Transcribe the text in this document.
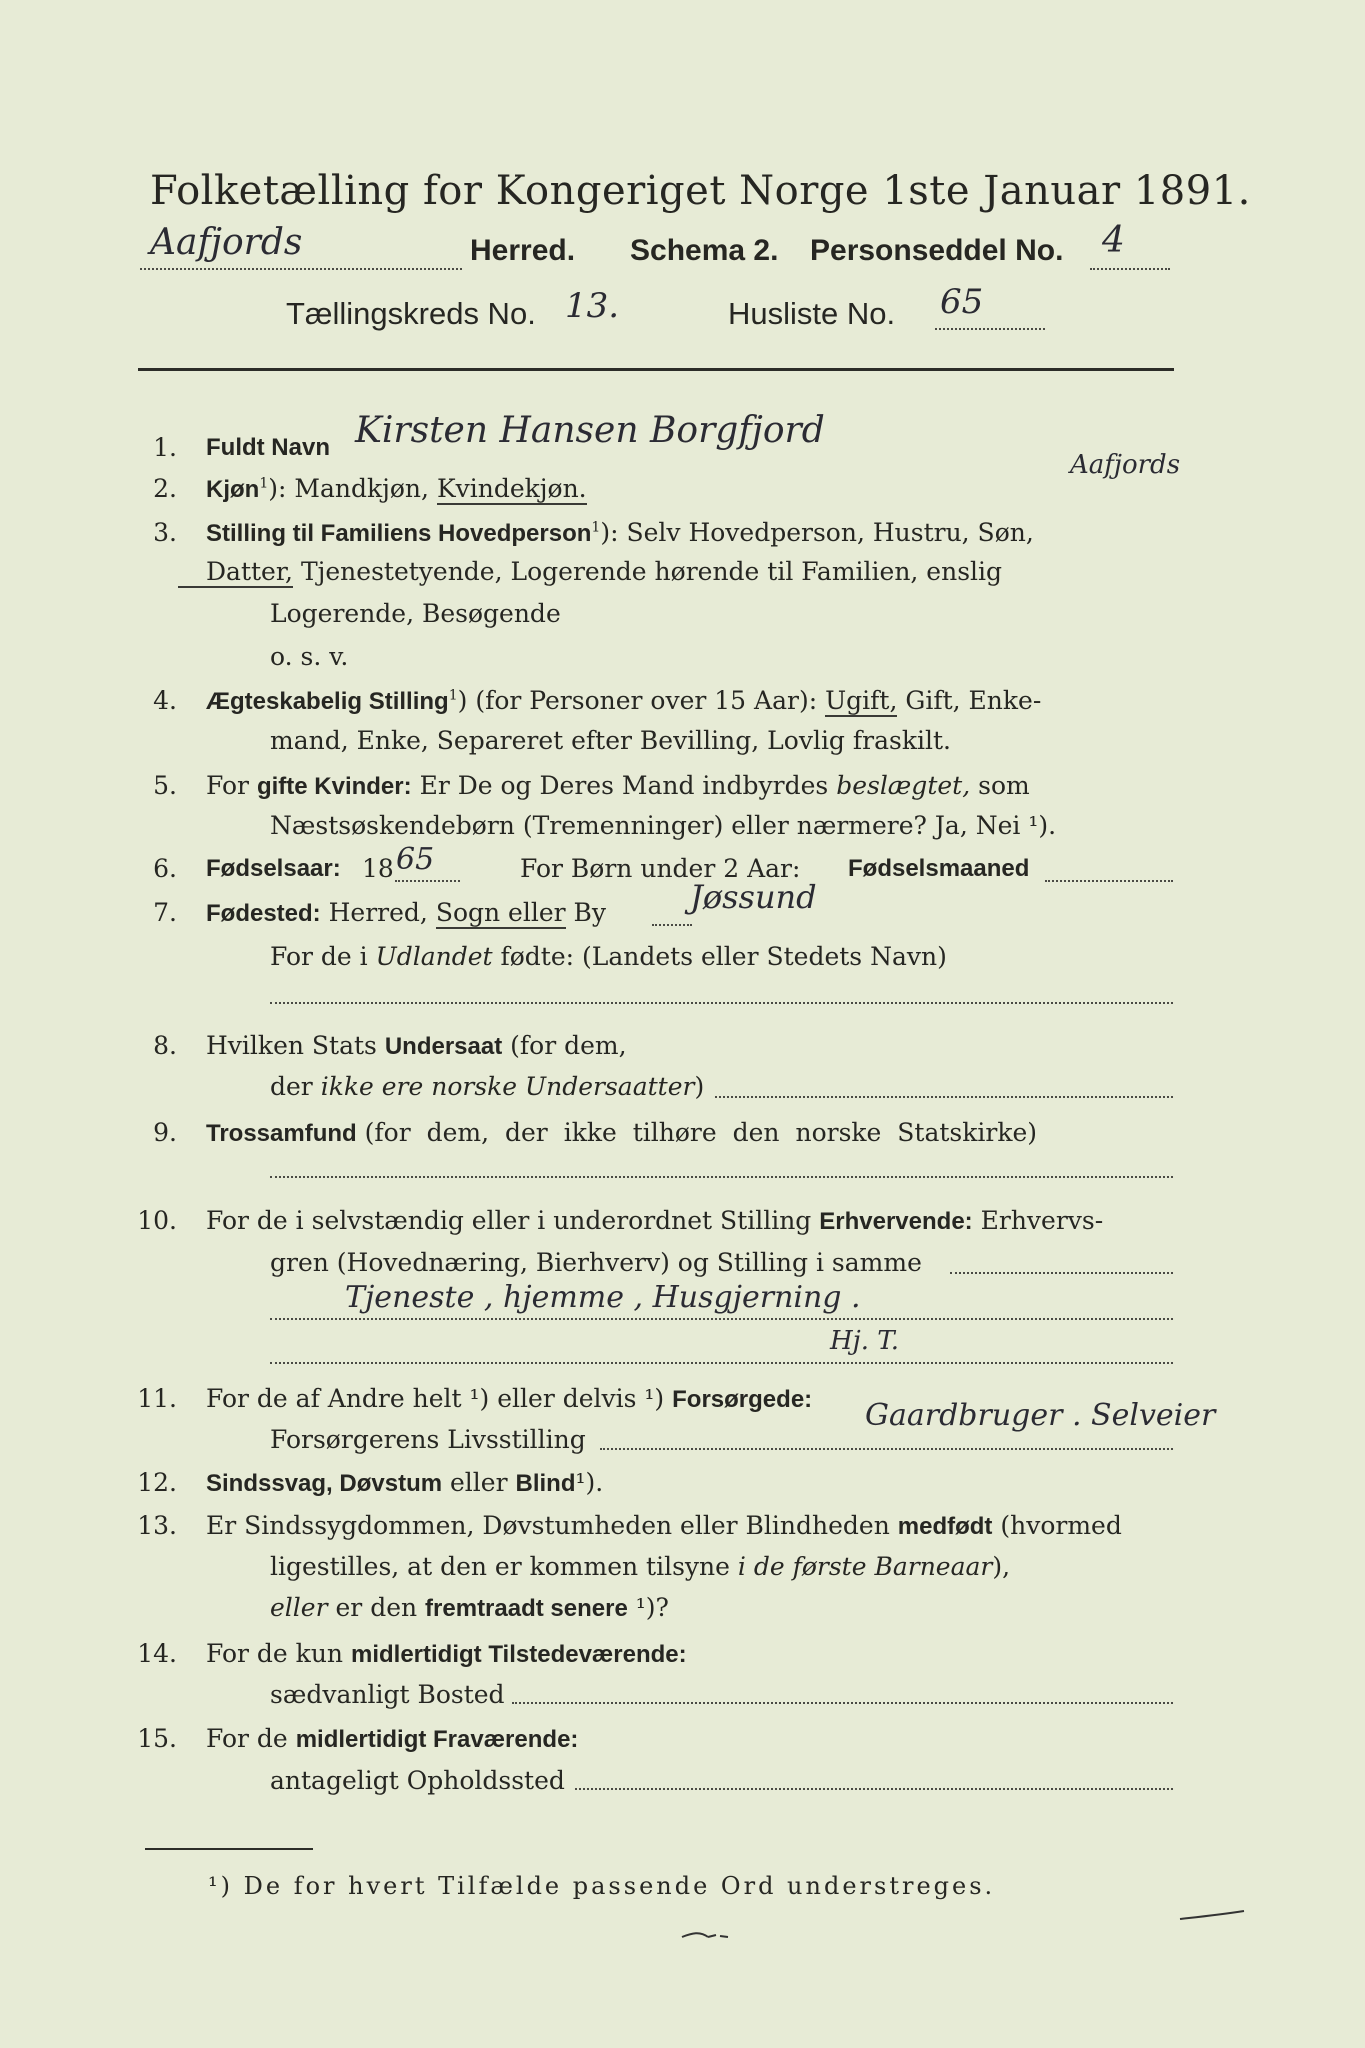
Folketælling for Kongeriget Norge 1ste Januar 1891.
Aafjords	Herred. Schema 2. Personseddel No. 4
Tællingskreds No. 13.	Husliste No. 65
1. Fuldt Navn Kirsten Hansen Borgfjord
Aafjords
2. Kjøn$^1$): Mandkjøn, Kvindekjøn.
3. Stilling til Familiens Hovedperson$^1$): Selv Hovedperson, Hustru, Søn,
Datter, Tjenestetyende, Logerende hørende til Familien, enslig
Logerende, Besøgende
o. s. v.
4. Ægteskabelig Stilling$^1$) (for Personer over 15 Aar): Ugift, Gift, Enke-
mand, Enke, Separeret efter Bevilling, Lovlig fraskilt.
5. For gifte Kvinder: Er De og Deres Mand indbyrdes beslægtet, som
Næstsøskendebørn (Tremenninger) eller nærmere? Ja, Nei ¹).
6. Fødselsaar: 18 65	For Børn under 2 Aar: Fødselsmaaned
7. Fødested: Herred, Sogn eller By	Jøssund
For de i Udlandet fødte: (Landets eller Stedets Navn)
8. Hvilken Stats Undersaat (for dem,
der ikke ere norske Undersaatter)
9. Trossamfund (for dem, der ikke tilhøre den norske Statskirke)
10. For de i selvstændig eller i underordnet Stilling Erhvervende: Erhvervs-
gren (Hovednæring, Bierhverv) og Stilling i samme
Tjeneste , hjemme , Husgjerning .
Hj. T.
11. For de af Andre helt ¹) eller delvis ¹) Forsørgede:
Forsørgerens Livsstilling
Gaardbruger . Selveier
12. Sindssvag, Døvstum eller Blind¹).
13. Er Sindssygdommen, Døvstumheden eller Blindheden medfødt (hvormed
ligestilles, at den er kommen tilsyne i de første Barneaar),
eller er den fremtraadt senere ¹)?
14. For de kun midlertidigt Tilstedeværende:
sædvanligt Bosted
15. For de midlertidigt Fraværende:
antageligt Opholdssted
¹) De for hvert Tilfælde passende Ord understreges.
